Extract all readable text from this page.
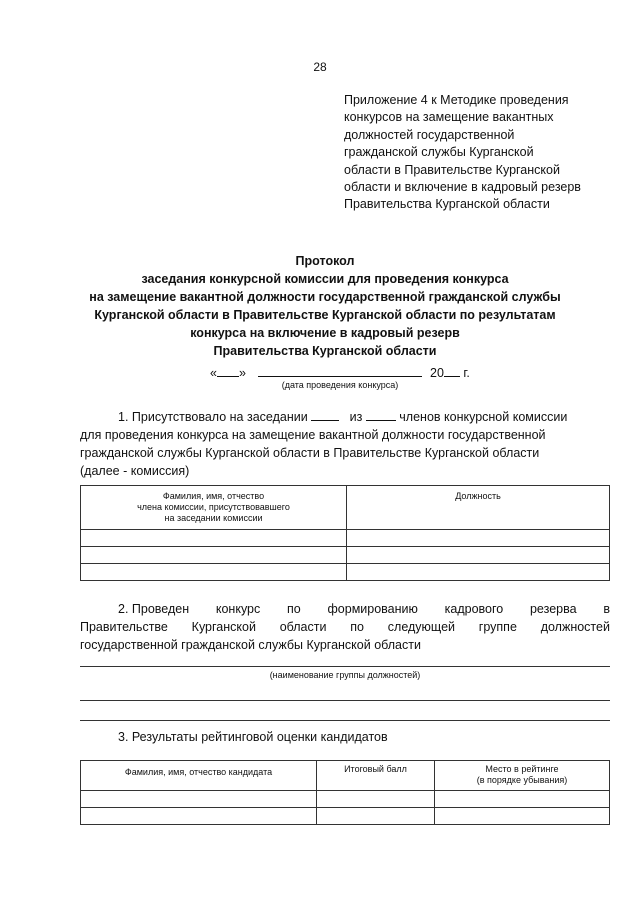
28
Приложение 4 к Методике проведения
конкурсов на замещение вакантных
должностей государственной
гражданской службы Курганской
области в Правительстве Курганской
области и включение в кадровый резерв
Правительства Курганской области
Протокол
заседания конкурсной комиссии для проведения конкурса
на замещение вакантной должности государственной гражданской службы
Курганской области в Правительстве Курганской области по результатам
конкурса на включение в кадровый резерв
Правительства Курганской области
« »	20 г.
(дата проведения конкурса)
1. Присутствовало на заседании	из	членов конкурсной комиссии
для проведения конкурса на замещение вакантной должности государственной
гражданской службы Курганской области в Правительстве Курганской области
(далее - комиссия)
Фамилия, имя, отчество
члена комиссии, присутствовавшего
на заседании комиссии	Должность

2. Проведен конкурс по формированию кадрового резерва в
Правительстве Курганской области по следующей группе должностей
государственной гражданской службы Курганской области
(наименование группы должностей)
3. Результаты рейтинговой оценки кандидатов
Фамилия, имя, отчество кандидата	Итоговый балл	Место в рейтинге
(в порядке убывания)
